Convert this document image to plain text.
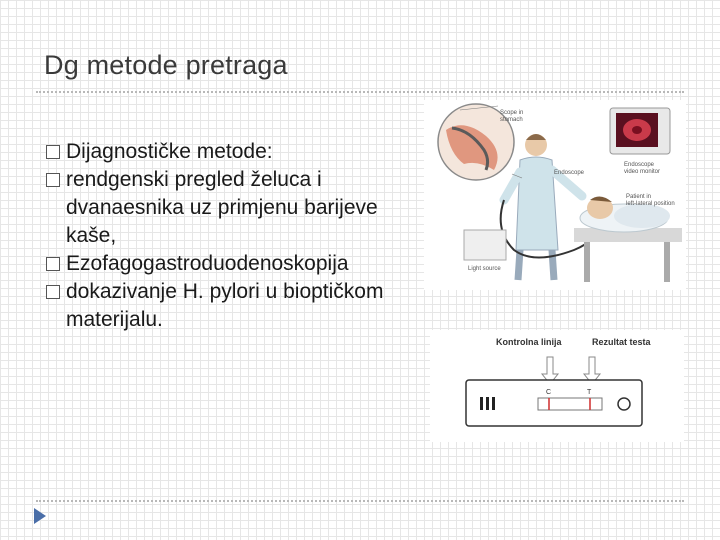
Dg metode pretraga
Dijagnostičke metode:
rendgenski pregled želuca i dvanaesnika uz primjenu barijeve kaše,
Ezofagogastroduodenoskopija
dokazivanje H. pylori u bioptičkom materijalu.
Scope in
stomach
Endoscope
Endoscope
video monitor
Patient in
left-lateral position
Light source
Kontrolna linija	Rezultat testa
C	T
